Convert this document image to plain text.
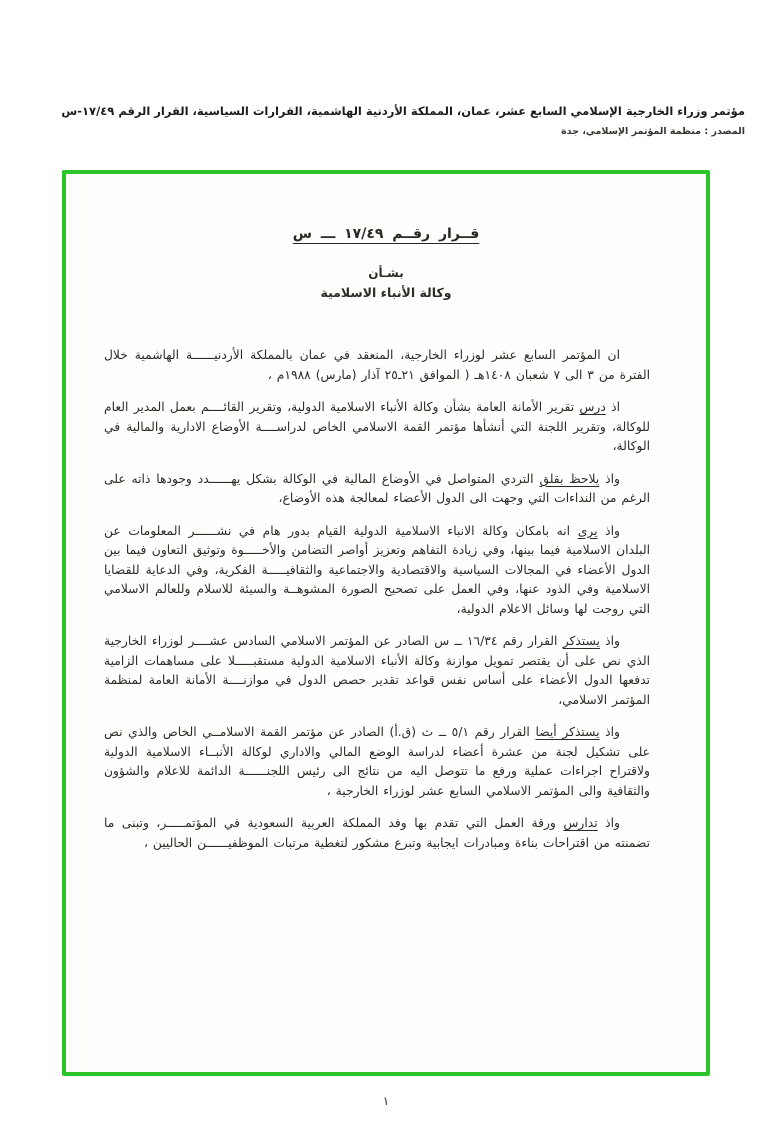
مؤتمر وزراء الخارجية الإسلامي السابع عشر، عمان، المملكة الأردنية الهاشمية، القرارات السياسية، القرار الرقم ١٧/٤٩-س
المصدر : منظمة المؤتمر الإسلامي، جدة
قــرار رقــم ١٧/٤٩ ـــ س
بشـأن
وكالة الأنباء الاسلامية
ان المؤتمر السابع عشر لوزراء الخارجية، المنعقد في عمان بالمملكة الأردنيــــــة الهاشمية خلال الفترة من ٣ الى ٧ شعبان ١٤٠٨هـ ( الموافق ٢١ـ٢٥ آذار (مارس) ١٩٨٨م ،
اذ درس تقرير الأمانة العامة بشأن وكالة الأنباء الاسلامية الدولية، وتقرير القائــــم بعمل المدير العام للوكالة، وتقرير اللجنة التي أنشأها مؤتمر القمة الاسلامي الخاص لدراســــة الأوضاع الادارية والمالية في الوكالة،
واذ يلاحظ بقلق التردي المتواصل في الأوضاع المالية في الوكالة بشكل يهــــــدد وجودها ذاته على الرغم من النداءات التي وجهت الى الدول الأعضاء لمعالجة هذه الأوضاع،
واذ يرى انه بامكان وكالة الانباء الاسلامية الدولية القيام بدور هام في نشــــــر المعلومات عن البلدان الاسلامية فيما بينها، وفي زيادة التفاهم وتعزيز أواصر التضامن والأخـــــوة وتوثيق التعاون فيما بين الدول الأعضاء في المجالات السياسية والاقتصادية والاجتماعية والثقافيـــــة الفكرية، وفي الدعاية للقضايا الاسلامية وفي الذود عنها، وفي العمل على تصحيح الصورة المشوهــة والسيئة للاسلام وللعالم الاسلامي التي روجت لها وسائل الاعلام الدولية،
واذ يستذكر القرار رقم ١٦/٣٤ ــ س الصادر عن المؤتمر الاسلامي السادس عشــــر لوزراء الخارجية الذي نص على أن يقتصر تمويل موازنة وكالة الأنباء الاسلامية الدولية مستقبـــــلا على مساهمات الزامية تدفعها الدول الأعضاء على أساس نفس قواعد تقدير حصص الدول في موازنــــة الأمانة العامة لمنظمة المؤتمر الاسلامي،
واذ يستذكر أيضا القرار رقم ٥/١ ــ ث (ق.أ) الصادر عن مؤتمر القمة الاسلامــي الخاص والذي نص على تشكيل لجنة من عشرة أعضاء لدراسة الوضع المالي والاداري لوكالة الأنبــاء الاسلامية الدولية ولاقتراح اجراءات عملية ورفع ما تتوصل اليه من نتائج الى رئيس اللجنــــــة الدائمة للاعلام والشؤون والثقافية والى المؤتمر الاسلامي السابع عشر لوزراء الخارجية ،
واذ تدارس ورقة العمل التي تقدم بها وفد المملكة العربية السعودية في المؤتمـــــر، وتبنى ما تضمنته من اقتراحات بناءة ومبادرات ايجابية وتبرع مشكور لتغطية مرتبات الموظفيــــــن الحاليين ،
١
